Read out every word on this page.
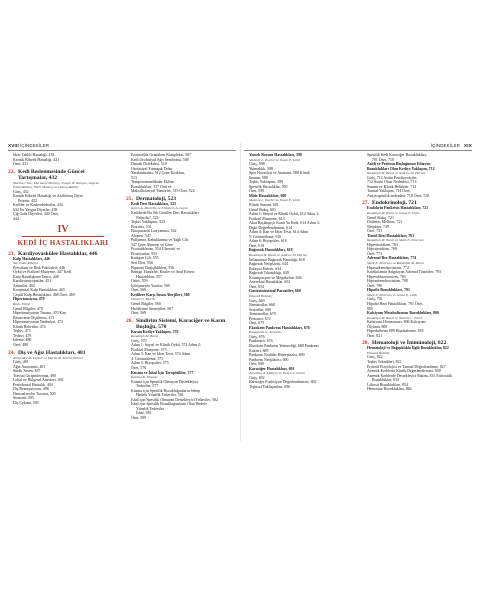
XVIII İÇİNDEKİLER
İdrar Tahlili Hastalığı, 418
Kronik Böbrek Hastalığı, 421
Özet, 431
22. Kedi Beslenmesinde Güncel
Tartışmalar, 432
Martha Cline, Marianne Murphy, Joseph W. Bartges, Angela
Witzel Rollins, Barb Mooney ve Donna Raditic
Giriş, 432
Kronik Böbrek Hastalığı ve Azaltılmış Diyet
Protein, 432
Kediler ve Karbonhidratlar, 434
634 En Yaygın Diyetler, 438
Çiğ Gıda Diyetleri, 440 Özet,
444
IV
KEDİ İÇ HASTALIKLARI
23. Kardiyovasküler Hastalıklar, 446
Kalp Hastalıkları, 446
Yan Lukie Ribeiro
Prevalans ve Risk Faktörleri, 446
Öykü ve Fiziksel Muayene, 447 Kedi
Kalp Hastalığının Tanısı, 448
Kardiyomiyopatiler, 451
Aritmiler, 462
Konjenital Kalp Hastalıkları, 465
Çeşitli Kalp Hastalıkları, 468 Özet, 469
Hipertansiyon, 470
Rosie Elliott
Genel Bilgiler, 470
Hipertansiyonun Tanımı, 470 Kan
Basıncının Ölçülmesi, 471
Hipertansiyonun Nedenleri, 472
Klinik Belirtiler, 474
Teşhis, 475
Tedavi, 478
İzleme, 480
Özet, 480
24. Diş ve Ağız Hastalıkları, 481
Alexandre M. Portier ve Martin R. Jellens-Hovers
Giriş, 481
Ağız Anatomisi, 481
Sindir Sesen, 487
Travsal Girişimlerimiz, 490
Lokal ve Bölgesel Anestezi, 492
Periodontal Hastalık, 494
Diş Rezorpsiyonu, 496
Dentoalveolar Torsion, 500
Stomatit, 505
Diş Çekimi, 505
Eozinofilik Granülom Kompleksi, 507
Kedi Orofasiyal Ağrı Sendromu, 508
Damak Defektleri, 510
Orofasiyal Yumuşak Doku
Yaralanmaları, 512 Çene Kırıkları,
513
Temporomandibular Eklem
Bozuklukları, 517 Oral ve
Maksillofasiyal Tümörler, 519 Özet, 522
25. Dermatoloji, 523
Kedi Deri Hastalıkları, 523
Karen A. Moriello ve Elizabeth A. Layne
Kedilerde Bu Sık Görülen Deri Hastalıkları
Nelerdir?, 523
Teşhis Yaklaşımı, 523
Prurtisis, 531
Ektoparaziti Larryamasi, 542
Alopesi, 547
Pullanma, Kabuklanma ve Yağlı Cilt,
547 Çene Akneesi ve Çene
Psoriatiklerim, 554 Ülseratif ve
Eroziyonlar, 555
Kırılgan Cilt, 555
Seri Deri, 556
Pigment Değişiklikleri, 556
Benign Tümörler, Kistler ve Anal Kesesi
Hastalıkları, 557
Otitis, 559
İyileşmeyen Yaralar, 560
Özet, 560
Kedilere Karşı İnsan Alerjileri, 560
Daniel O. Morris
Genel Bilgiler, 560
Hafifletme Stratejileri, 567
Özet, 569
26. Sindirim Sistemi, Karaciğer ve Karın
Boşluğu, 570
Kusan Kediye Yaklaşım, 570
Randolph M. Baral
Giriş, 570
Adım 1: Sayısl ve Klinik Öykü, 572 Adım 2:
Fiziksel Muayene, 573
Adım 3: Kan ve İdrar Testi, 574 Adım
4: Görüntüleme, 575
Adım 5: Biyopsiler, 575
Özet, 576
Kusma ve İshal İçin Terapötikler, 577
Katrina R. Viviano
Kusma için Spesifik Olmayan Destekleyici
Tedaviler, 577
Kusma için Spesifik Bozukluğunların Sebep
Hedefe Yönelik Tedaviler, 581
İshal için Spesifik Olmayan Destekleyici Tedaviler, 582
İshal için Spesifik Bozukluğunların Olan Hedefe
Yönelik Tedaviler
İshal, 583
Özet, 589
İÇİNDEKİLER XIX
Yemek Borusu Hastalıkları, 588
Melanie L. Pachet ve Susan E. Little
Giriş, 588
Yutmaklık, 588
Spot Havasloji ve Anatomi, 588 Klinik
Sunum, 588
Teşhis Yaklaşımı, 589
Spesifik Hastalıklar, 590
Özet, 599
Mide Hastalıkları, 600
Melanie L. Pachet ve Susan E. Little
Klinik Sunum, 601
Genel Bakış, 601
Adım 1: Sinyal ve Klinik Öykü, 612 Adım 2:
Fiziksel Muayene, 613
Akut Başlangıçlı Kanlı Ya Kedi, 614 Adım 3:
Dışkı Değerlendirmesi, 614
Adım 4: Kan ve İdrar Testi, 614 Adım
5: Görüntüleme, 616
Adım 6: Biyopsiler, 616
Özet, 618
Bağırsak Hastalıkları, 618
Randolph M. Baral ve Andrew Ici Hurney
İnflamatuar Bağırsak Hastalığı, 618
Bağırsak Neoplazisi, 624
Bulaşıcı Enterit, 634
Bağırsak Tıkanıklığı, 639
Konstipasyon ve Megakolon, 646
Anorektal Hastalıklar, 652
Özet, 654
Gastrointestinal Parazitler, 660
Edward Bobisky
Giriş, 660
Nematodlar, 660
Sestodlar, 669
Trematodlar, 670
Protozoa, 672
Özet, 675
Ekzokrin Pankreas Hastalıkları, 676
Panagiotis G. Xenoulis
Giriş, 676
Pankreatit, 676
Ekzokrin Pankreas Yetmezliği, 688 Pankreas
Kistleri, 689
Pankreas Nodüler Hiperplazisi, 690
Pankreas Neoplazisi, 690
Özet, 690
Karaciğer Hastalıkları, 692
Jonathan A. Lidbury ve Debra L. Zoran
Giriş, 692
Karaciğer Fonksiyon Değerlendirmesi, 692
Teşhisel Yaklaşımları, 696
Spesifik Kedi Karaciğer Bozuklukları,
701 Özet, 710
Asitli ve Peritoın Boşluğunun Efüzyon
Bozuklukları Olan Kediye Yaklaşım, 712
Randolph M. Baral ve Andrew Ici Hurney
Giriş, 712 Asitin Patofizyolojisi,
712 Asitin Olası Nedenleri, 713
Sunum ve Klinik Belirtiler, 712
Tanısal Yaklaşım, 714 Özet,
Asitin spesifik nedenleri, 718 Özet, 720
27. Endokrinoloji, 721
Endokrin Pankreas Hastalıkları, 721
Randolph M. Baral ve Susan E. Little
Genel Bakış, 721
Diabetes Mellitus, 721
Neoplazi, 749
Özet, 751
Tiroid Bezi Hastalıkları, 763
Randolph M. Baral ve Mark E. Peterson
Hipertiroidizm, 763
Hipotiroidizm, 768
Özet, 773
Adrenal Bez Hastalıkları, 774
Mark E. Peterson ve Randolph M. Baral
Hiperadrenokortisizm, 774
Katekolamin Salgılayan Adrenal Tümörler, 783
Hiperaldosteronizm, 784
Hipoadrenokortisizm, 788
Özet, 790
Hipofiz Bozuklukları, 791
Mark E. Peterson ve Susan E. Little
Giriş, 791
Hipofiz Bezi Hastalıkları, 791 Özet,
805
Kalsiyum Metabolizması Bozuklukları, 806
Randolph M. Baral ve Natalie C. Finch
Kalsiyum Homeostazı, 806 Kalsiyum
Ölçümü, 808
Hiperkalsemi 809 Hipokalsemi, 818
Özet, 821
28. Hematoloji ve İmmünoloji, 822
Hematoloji ve Bağışıklıkla İlgili Bozukluklar, 822
Edward Bobisky
Giriş, 822
Teşhis Teknikleri, 822
Eritroid Fizyolojisi ve Tanısal Değerlendirme, 827
Anemik Kedilerin Klinik Değerlendirmesi, 830
Anemik Kedilerde Destekleyici Bakım, 831 Eritrositik
Bozukluklar, 833
Lökosit Bozuklukları, 854
Hemostaz Bozuklukları, 862
